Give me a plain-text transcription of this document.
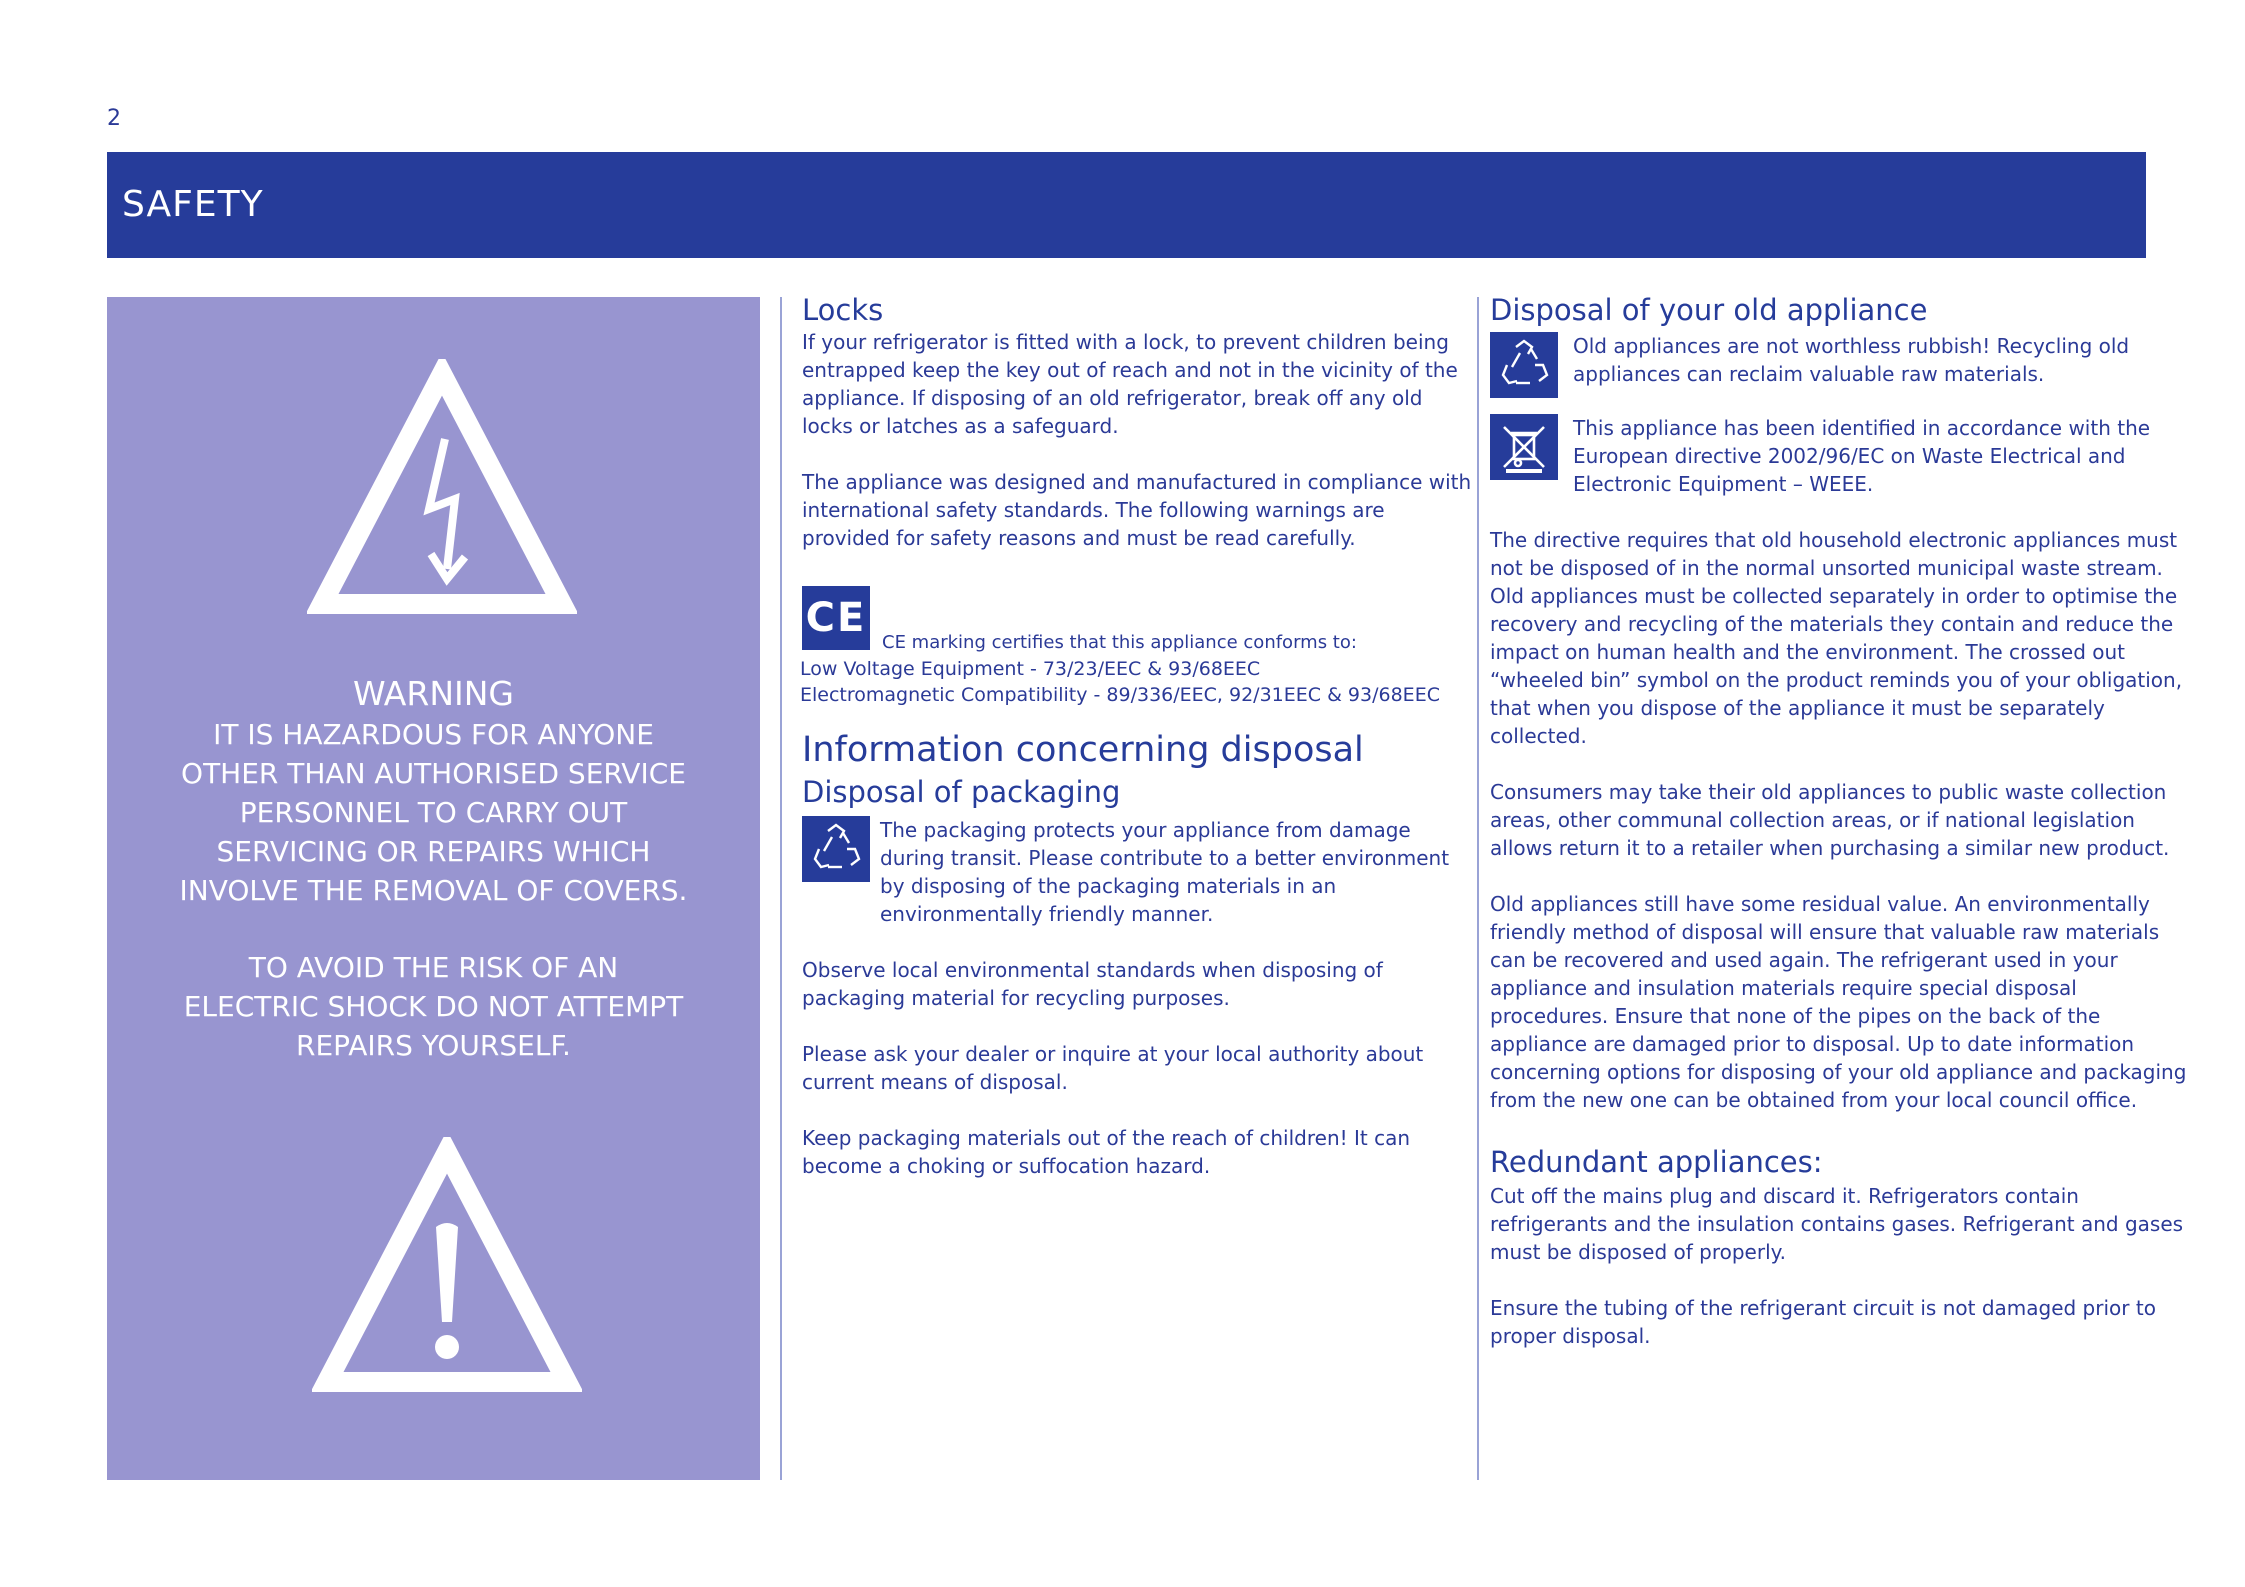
2
SAFETY
WARNING
IT IS HAZARDOUS FOR ANYONE
OTHER THAN AUTHORISED SERVICE
PERSONNEL TO CARRY OUT
SERVICING OR REPAIRS WHICH
INVOLVE THE REMOVAL OF COVERS.
TO AVOID THE RISK OF AN
ELECTRIC SHOCK DO NOT ATTEMPT
REPAIRS YOURSELF.
Locks

If your refrigerator is fitted with a lock, to prevent children being entrapped keep the key out of reach and not in the vicinity of the appliance. If disposing of an old refrigerator, break off any old locks or latches as a safeguard.

The appliance was designed and manufactured in compliance with international safety standards. The following warnings are provided for safety reasons and must be read carefully.

CE
CE marking certifies that this appliance conforms to:

Low Voltage Equipment - 73/23/EEC & 93/68EEC

Electromagnetic Compatibility - 89/336/EEC, 92/31EEC & 93/68EEC

Information concerning disposal
Disposal of packaging

The packaging protects your appliance from damage during transit. Please contribute to a better environment by disposing of the packaging materials in an environmentally friendly manner.

Observe local environmental standards when disposing of packaging material for recycling purposes.

Please ask your dealer or inquire at your local authority about current means of disposal.

Keep packaging materials out of the reach of children! It can become a choking or suffocation hazard.

Disposal of your old appliance

Old appliances are not worthless rubbish! Recycling old appliances can reclaim valuable raw materials.

This appliance has been identified in accordance with the European directive 2002/96/EC on Waste Electrical and Electronic Equipment – WEEE.

The directive requires that old household electronic appliances must not be disposed of in the normal unsorted municipal waste stream. Old appliances must be collected separately in order to optimise the recovery and recycling of the materials they contain and reduce the impact on human health and the environment. The crossed out “wheeled bin” symbol on the product reminds you of your obligation, that when you dispose of the appliance it must be separately collected.

Consumers may take their old appliances to public waste collection areas, other communal collection areas, or if national legislation allows return it to a retailer when purchasing a similar new product.

Old appliances still have some residual value. An environmentally friendly method of disposal will ensure that valuable raw materials can be recovered and used again. The refrigerant used in your appliance and insulation materials require special disposal procedures. Ensure that none of the pipes on the back of the appliance are damaged prior to disposal. Up to date information concerning options for disposing of your old appliance and packaging from the new one can be obtained from your local council office.

Redundant appliances:

Cut off the mains plug and discard it. Refrigerators contain refrigerants and the insulation contains gases. Refrigerant and gases must be disposed of properly.

Ensure the tubing of the refrigerant circuit is not damaged prior to proper disposal.
